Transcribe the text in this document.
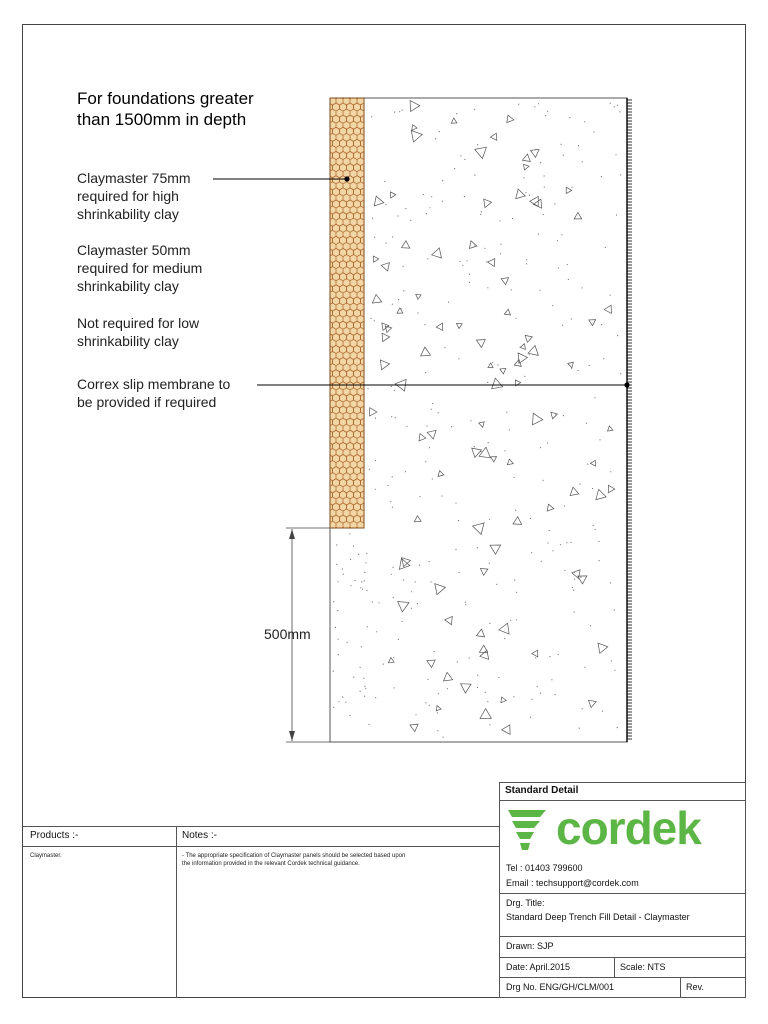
For foundations greater
than 1500mm in depth
Claymaster 75mm
required for high
shrinkability clay
Claymaster 50mm
required for medium
shrinkability clay
Not required for low
shrinkability clay
Correx slip membrane to
be provided if required
500mm
Products :-
Claymaster.
Notes :-
- The appropriate specification of Claymaster panels should be selected based upon
the information provided in the relevant Cordek technical guidance.
Standard Detail
cordek
Tel : 01403 799600
Email : techsupport@cordek.com
Drg. Title:
Standard Deep Trench Fill Detail - Claymaster
Drawn: SJP
Date: April.2015	Scale: NTS
Drg No. ENG/GH/CLM/001	Rev.
